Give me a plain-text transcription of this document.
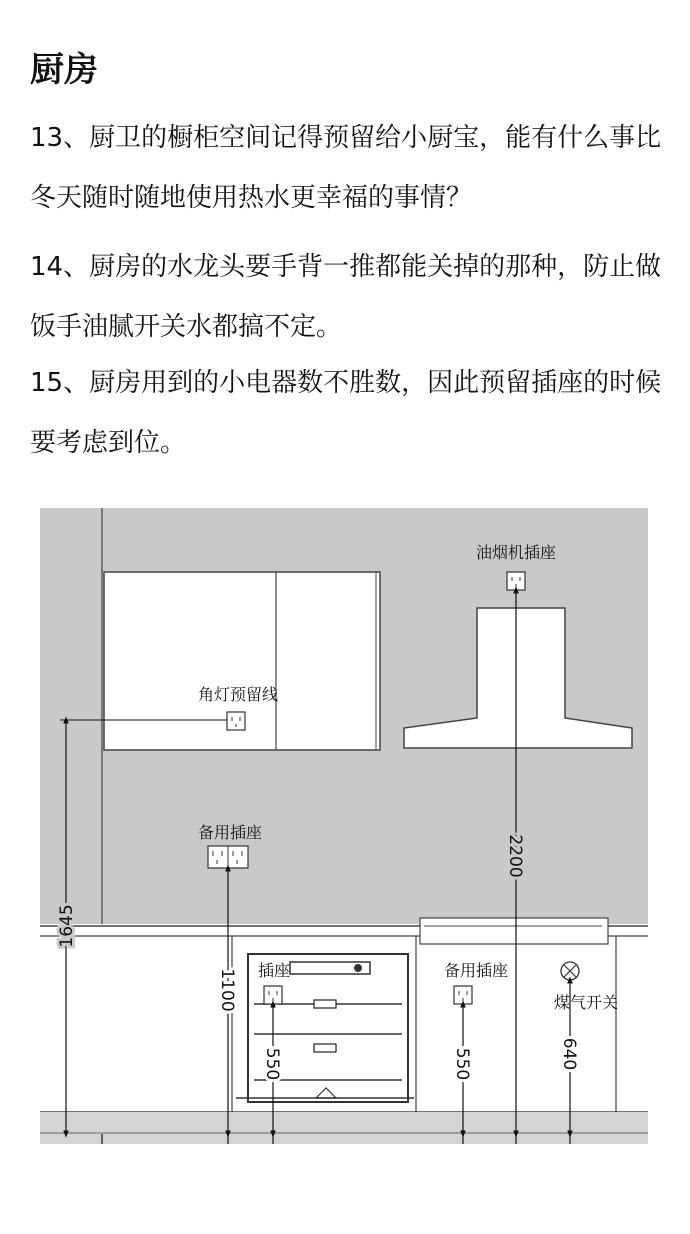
厨房

13、厨卫的橱柜空间记得预留给小厨宝，能有什么事比冬天随时随地使用热水更幸福的事情？

14、厨房的水龙头要手背一推都能关掉的那种，防止做饭手油腻开关水都搞不定。

15、厨房用到的小电器数不胜数，因此预留插座的时候要考虑到位。

油烟机插座
角灯预留线
备用插座
插座	备用插座
煤气开关
1645
2200
1100
550	550	640
